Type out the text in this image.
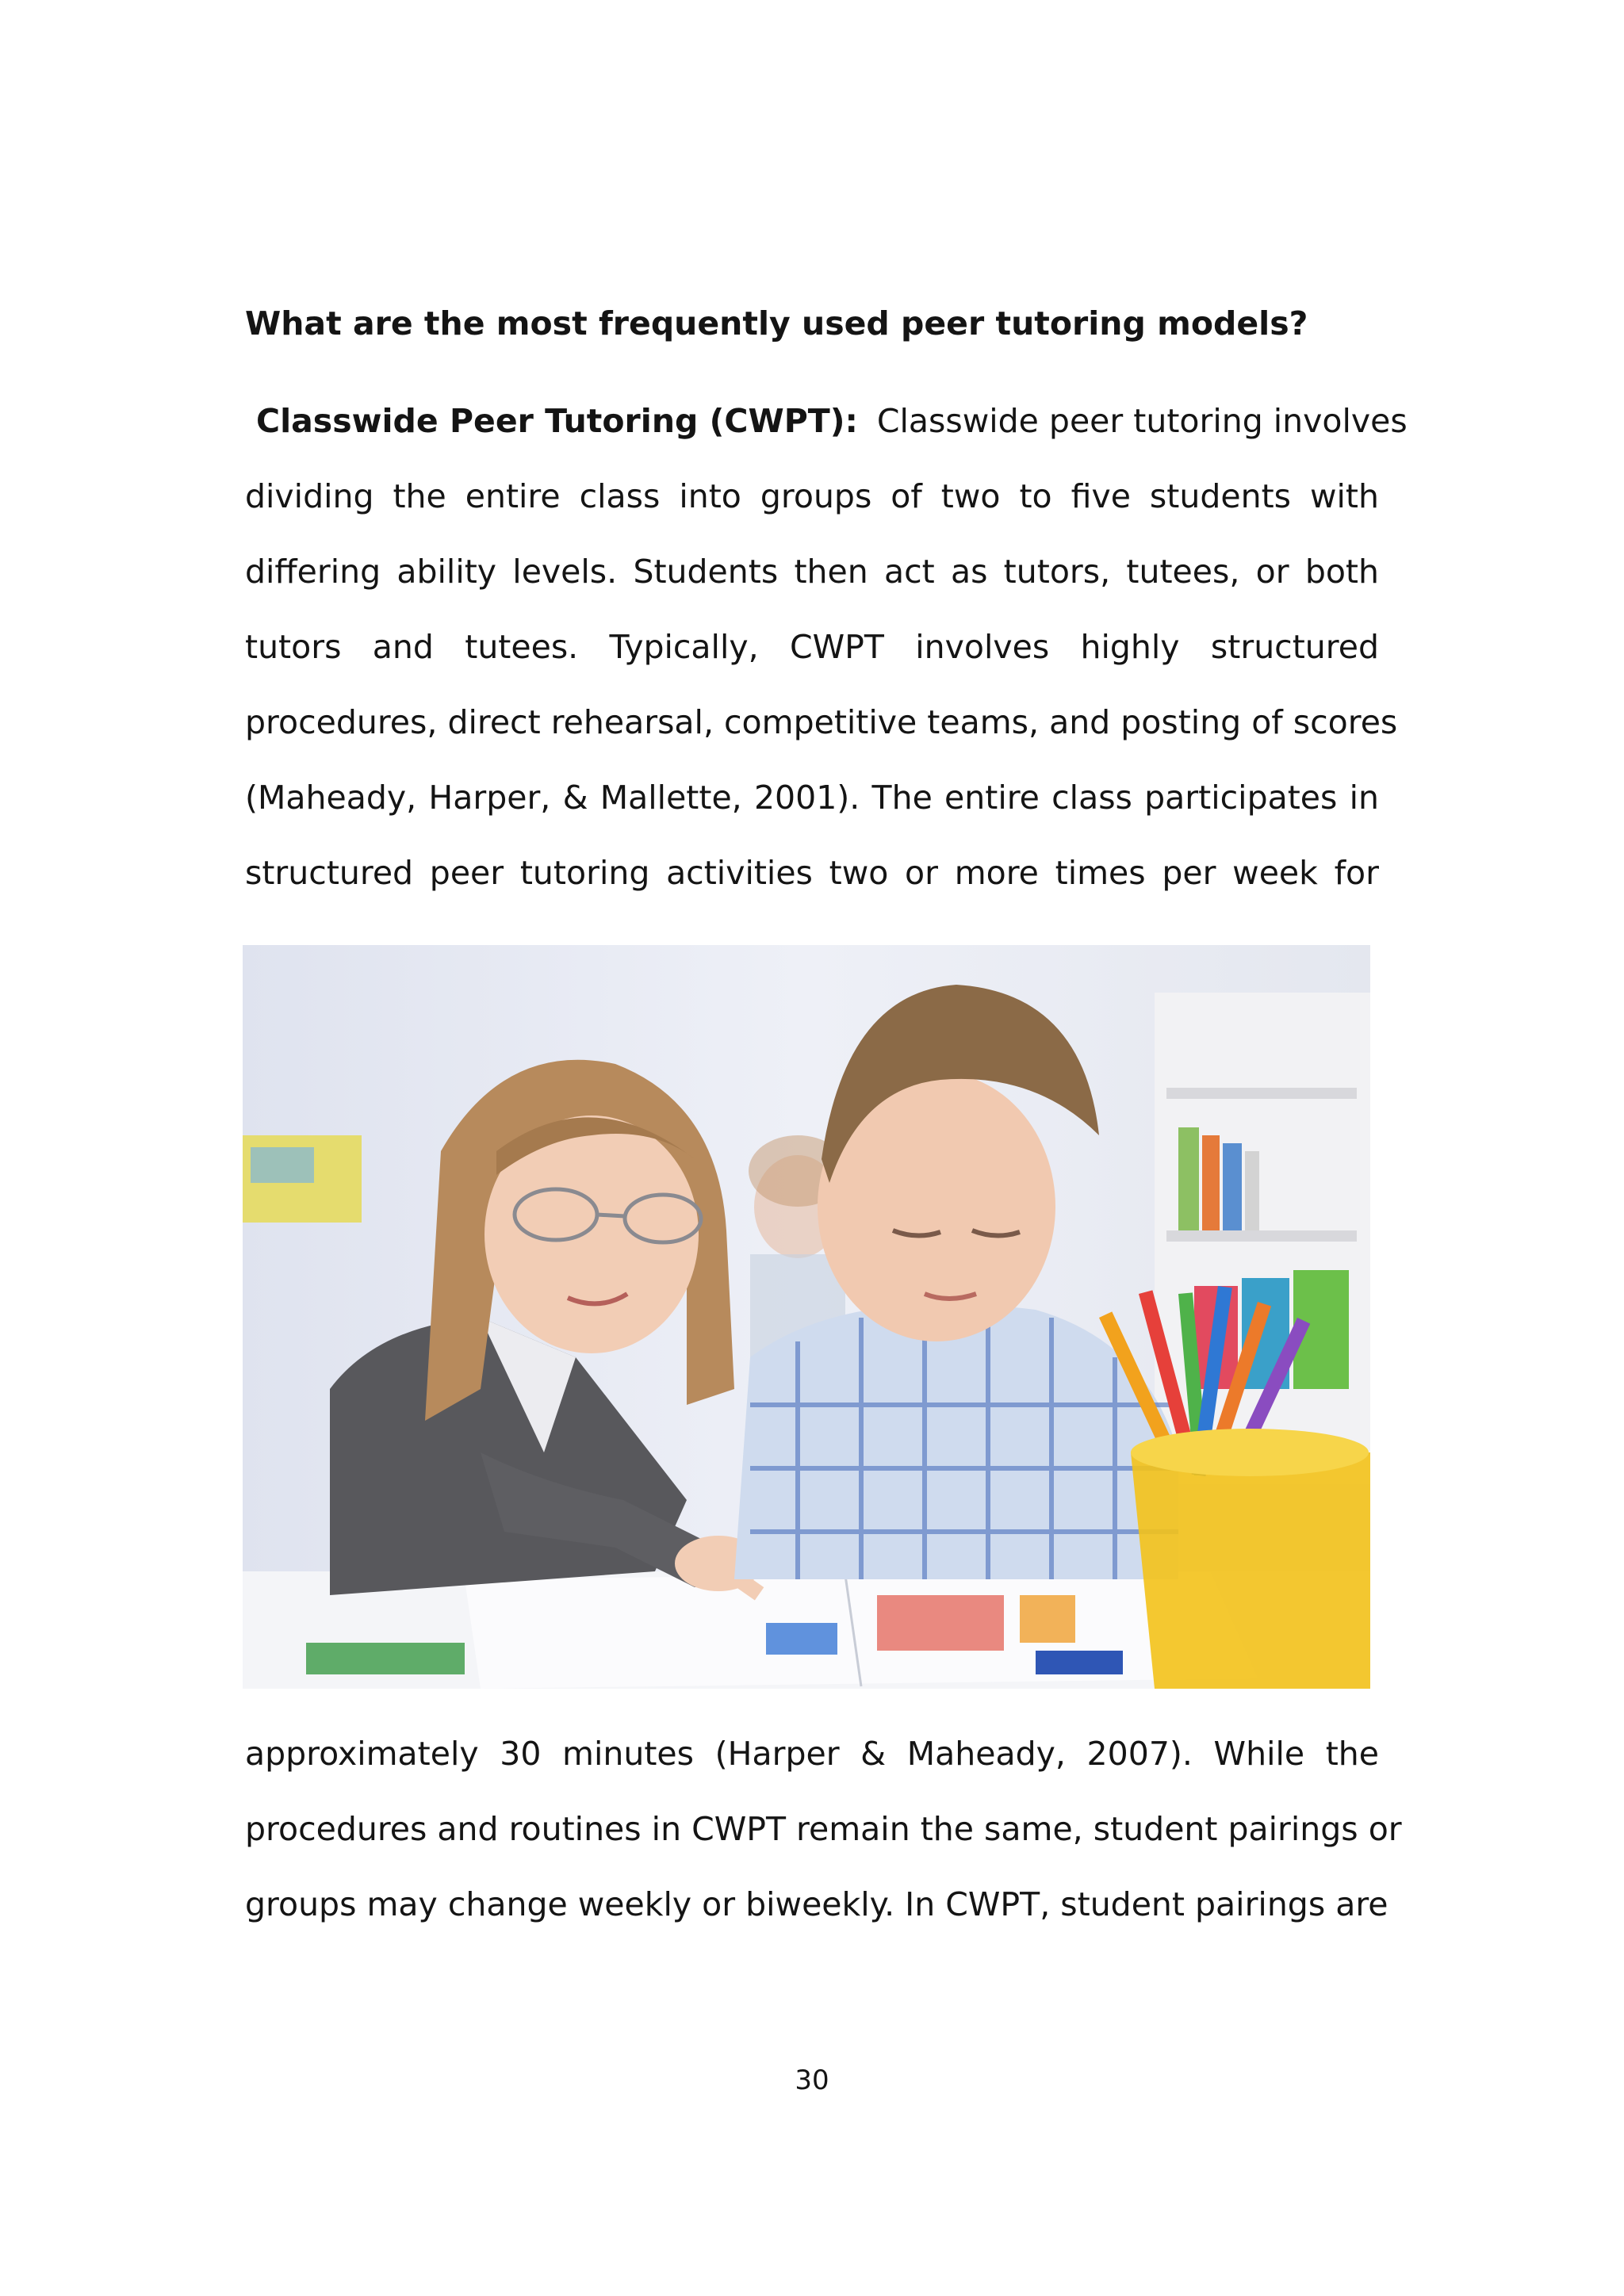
What are the most frequently used peer tutoring models?
Classwide Peer Tutoring (CWPT): Classwide peer tutoring involves
dividing the entire class into groups of two to five students with
differing ability levels. Students then act as tutors, tutees, or both
tutors and tutees. Typically, CWPT involves highly structured
procedures, direct rehearsal, competitive teams, and posting of scores
(Maheady, Harper, & Mallette, 2001). The entire class participates in
structured peer tutoring activities two or more times per week for
approximately 30 minutes (Harper & Maheady, 2007). While the
procedures and routines in CWPT remain the same, student pairings or
groups may change weekly or biweekly. In CWPT, student pairings are
30
